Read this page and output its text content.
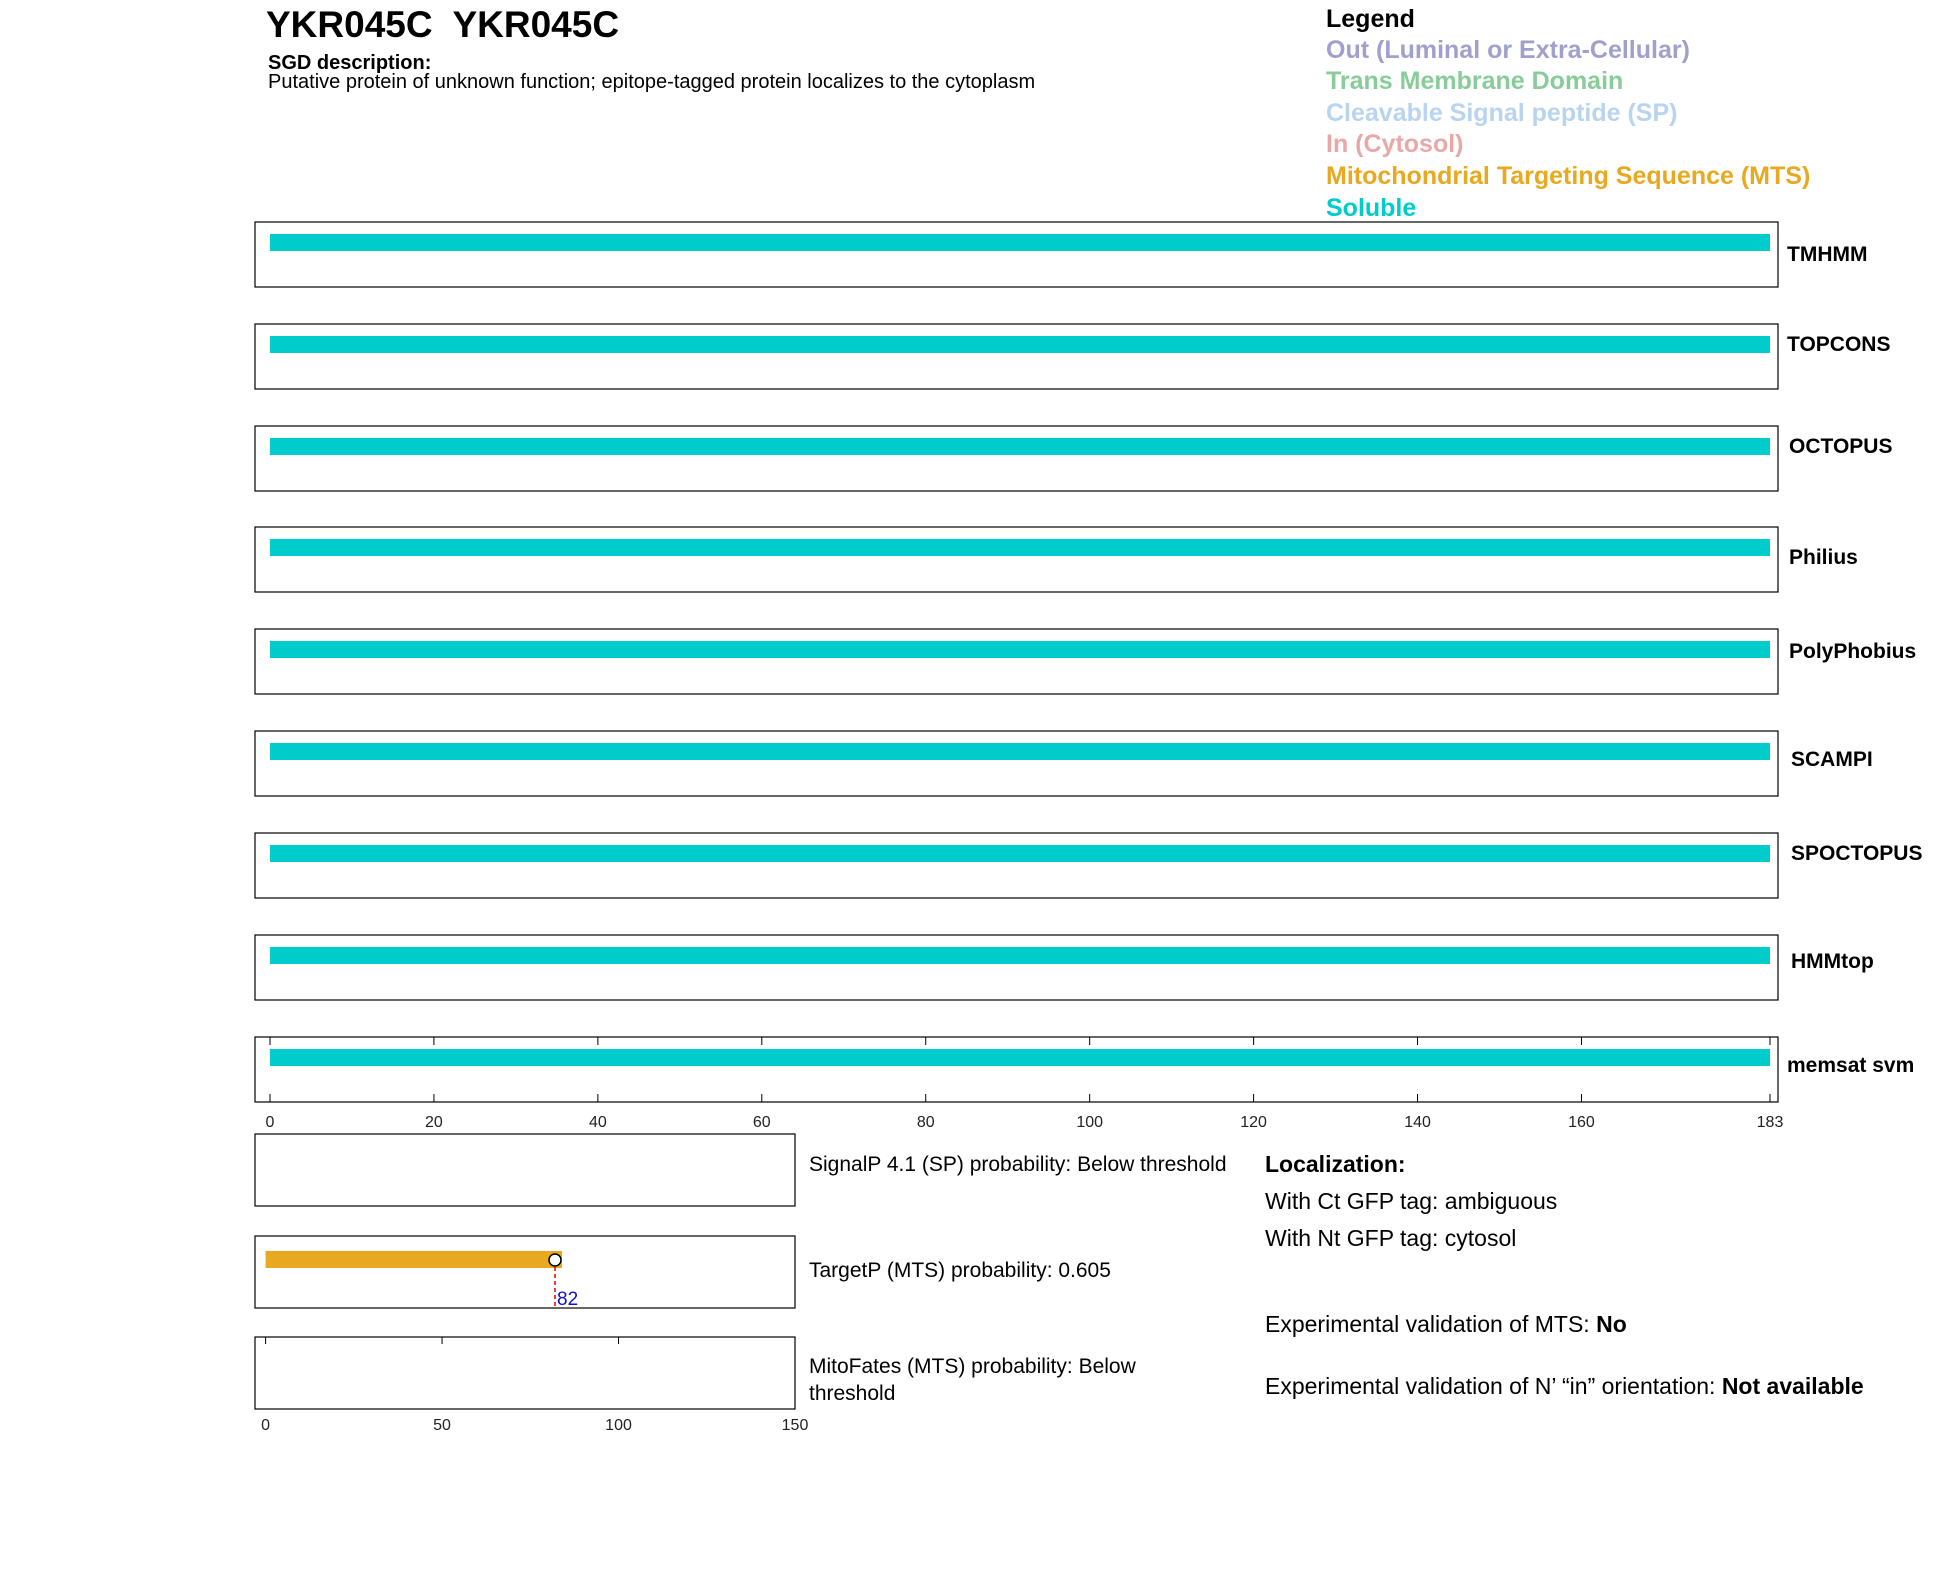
YKR045C  YKR045C
SGD description:
Putative protein of unknown function; epitope-tagged protein localizes to the cytoplasm
Legend
Out (Luminal or Extra-Cellular)
Trans Membrane Domain
Cleavable Signal peptide (SP)
In (Cytosol)
Mitochondrial Targeting Sequence (MTS)
Soluble
0	20	40	60	80	100	120	140	160	183
82
0	50	100	150
TMHMM
TOPCONS
OCTOPUS
Philius
PolyPhobius
SCAMPI
SPOCTOPUS
HMMtop
memsat svm
SignalP 4.1 (SP) probability: Below threshold
TargetP (MTS) probability: 0.605
MitoFates (MTS) probability: Below threshold
Localization:
With Ct GFP tag: ambiguous
With Nt GFP tag: cytosol
Experimental validation of MTS: No
Experimental validation of N’ “in” orientation: Not available
